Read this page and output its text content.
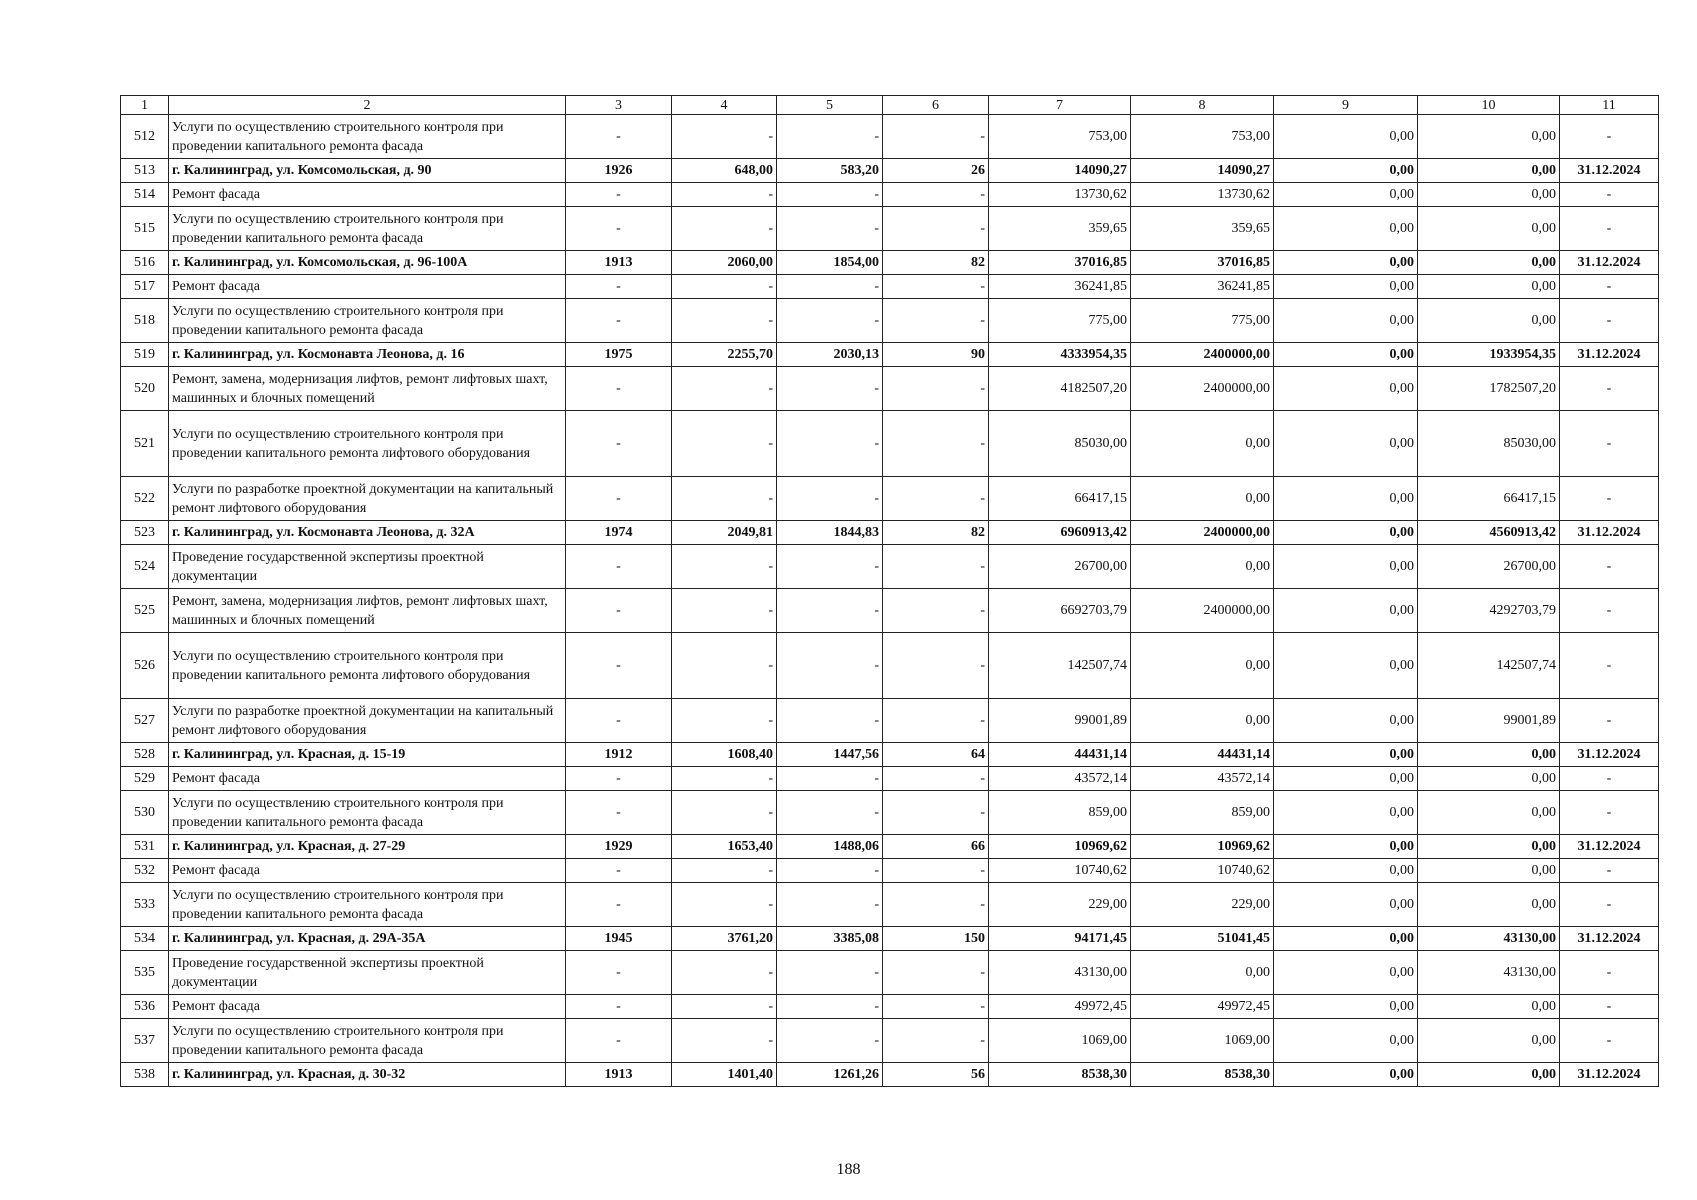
1	2	3	4	5	6	7	8	9	10	11
512	Услуги по осуществлению строительного контроля при проведении капитального ремонта фасада	-	-	-	-	753,00	753,00	0,00	0,00	-
513	г. Калининград, ул. Комсомольская, д. 90	1926	648,00	583,20	26	14090,27	14090,27	0,00	0,00	31.12.2024
514	Ремонт фасада	-	-	-	-	13730,62	13730,62	0,00	0,00	-
515	Услуги по осуществлению строительного контроля при проведении капитального ремонта фасада	-	-	-	-	359,65	359,65	0,00	0,00	-
516	г. Калининград, ул. Комсомольская, д. 96-100А	1913	2060,00	1854,00	82	37016,85	37016,85	0,00	0,00	31.12.2024
517	Ремонт фасада	-	-	-	-	36241,85	36241,85	0,00	0,00	-
518	Услуги по осуществлению строительного контроля при проведении капитального ремонта фасада	-	-	-	-	775,00	775,00	0,00	0,00	-
519	г. Калининград, ул. Космонавта Леонова, д. 16	1975	2255,70	2030,13	90	4333954,35	2400000,00	0,00	1933954,35	31.12.2024
520	Ремонт, замена, модернизация лифтов, ремонт лифтовых шахт, машинных и блочных помещений	-	-	-	-	4182507,20	2400000,00	0,00	1782507,20	-
521	Услуги по осуществлению строительного контроля при проведении капитального ремонта лифтового оборудования	-	-	-	-	85030,00	0,00	0,00	85030,00	-
522	Услуги по разработке проектной документации на капитальный ремонт лифтового оборудования	-	-	-	-	66417,15	0,00	0,00	66417,15	-
523	г. Калининград, ул. Космонавта Леонова, д. 32А	1974	2049,81	1844,83	82	6960913,42	2400000,00	0,00	4560913,42	31.12.2024
524	Проведение государственной экспертизы проектной документации	-	-	-	-	26700,00	0,00	0,00	26700,00	-
525	Ремонт, замена, модернизация лифтов, ремонт лифтовых шахт, машинных и блочных помещений	-	-	-	-	6692703,79	2400000,00	0,00	4292703,79	-
526	Услуги по осуществлению строительного контроля при проведении капитального ремонта лифтового оборудования	-	-	-	-	142507,74	0,00	0,00	142507,74	-
527	Услуги по разработке проектной документации на капитальный ремонт лифтового оборудования	-	-	-	-	99001,89	0,00	0,00	99001,89	-
528	г. Калининград, ул. Красная, д. 15-19	1912	1608,40	1447,56	64	44431,14	44431,14	0,00	0,00	31.12.2024
529	Ремонт фасада	-	-	-	-	43572,14	43572,14	0,00	0,00	-
530	Услуги по осуществлению строительного контроля при проведении капитального ремонта фасада	-	-	-	-	859,00	859,00	0,00	0,00	-
531	г. Калининград, ул. Красная, д. 27-29	1929	1653,40	1488,06	66	10969,62	10969,62	0,00	0,00	31.12.2024
532	Ремонт фасада	-	-	-	-	10740,62	10740,62	0,00	0,00	-
533	Услуги по осуществлению строительного контроля при проведении капитального ремонта фасада	-	-	-	-	229,00	229,00	0,00	0,00	-
534	г. Калининград, ул. Красная, д. 29А-35А	1945	3761,20	3385,08	150	94171,45	51041,45	0,00	43130,00	31.12.2024
535	Проведение государственной экспертизы проектной документации	-	-	-	-	43130,00	0,00	0,00	43130,00	-
536	Ремонт фасада	-	-	-	-	49972,45	49972,45	0,00	0,00	-
537	Услуги по осуществлению строительного контроля при проведении капитального ремонта фасада	-	-	-	-	1069,00	1069,00	0,00	0,00	-
538	г. Калининград, ул. Красная, д. 30-32	1913	1401,40	1261,26	56	8538,30	8538,30	0,00	0,00	31.12.2024
188
